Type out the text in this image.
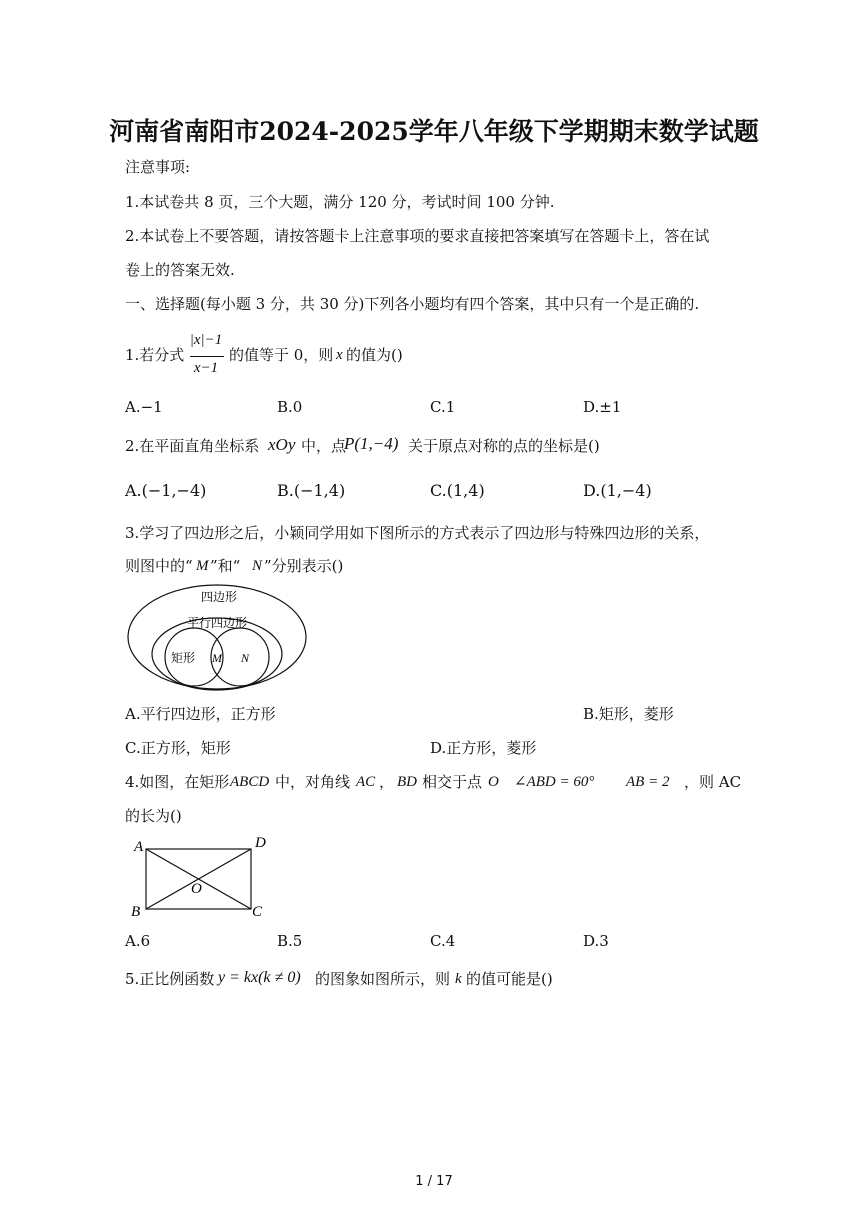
河南省南阳市2024-2025学年八年级下学期期末数学试题
注意事项:
1.本试卷共 8 页，三个大题，满分 120 分，考试时间 100 分钟.
2.本试卷上不要答题，请按答题卡上注意事项的要求直接把答案填写在答题卡上，答在试
卷上的答案无效.
一、选择题(每小题 3 分，共 30 分)下列各小题均有四个答案，其中只有一个是正确的.
1.若分式
|x|−1
x−1
的值等于 0，则 x 的值为()
A.−1	B.0	C.1	D.±1
2.在平面直角坐标系 xOy 中，点
P(1,−4) 关于原点对称的点的坐标是()
A.(−1,−4)	B.(−1,4)	C.(1,4)	D.(1,−4)
3.学习了四边形之后，小颖同学用如下图所示的方式表示了四边形与特殊四边形的关系，
则图中的“ M ”和“ N ”分别表示()
四边形
平行四边形
矩形 M N
A.平行四边形，正方形	B.矩形，菱形
C.正方形，矩形	D.正方形，菱形
4.如图，在矩形 ABCD 中，对角线 AC ， BD 相交于点 O ∠ABD = 60° AB = 2 ，则 AC
的长为()
A
B	C
D
O
A.6	B.5	C.4	D.3
5.正比例函数 y = kx(k ≠ 0) 的图象如图所示，则 k 的值可能是()
1 / 17
